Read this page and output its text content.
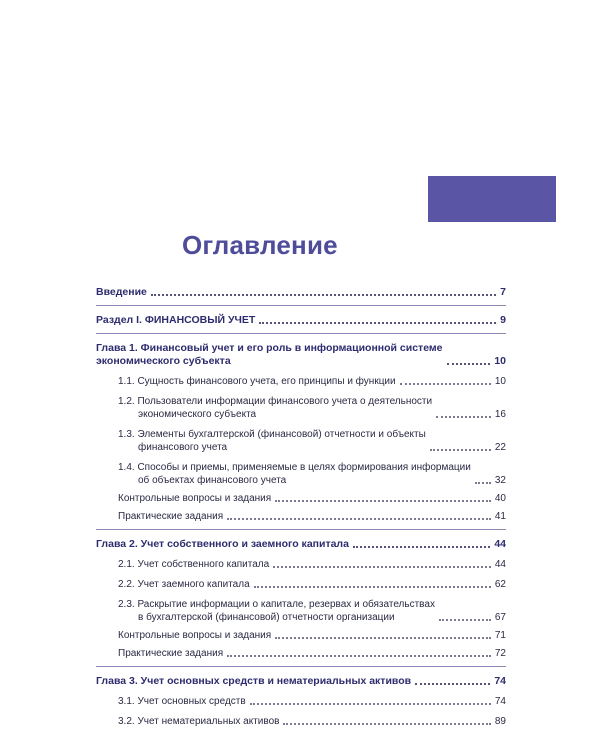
Оглавление
Введение	7
Раздел I. ФИНАНСОВЫЙ УЧЕТ	9
Глава 1. Финансовый учет и его роль в информационной системе
экономического субъекта	10
1.1. Сущность финансового учета, его принципы и функции	10
1.2. Пользователи информации финансового учета о деятельности
экономического субъекта	16
1.3. Элементы бухгалтерской (финансовой) отчетности и объекты
финансового учета	22
1.4. Способы и приемы, применяемые в целях формирования информации
об объектах финансового учета	32
Контрольные вопросы и задания	40
Практические задания	41
Глава 2. Учет собственного и заемного капитала	44
2.1. Учет собственного капитала	44
2.2. Учет заемного капитала	62
2.3. Раскрытие информации о капитале, резервах и обязательствах
в бухгалтерской (финансовой) отчетности организации	67
Контрольные вопросы и задания	71
Практические задания	72
Глава 3. Учет основных средств и нематериальных активов	74
3.1. Учет основных средств	74
3.2. Учет нематериальных активов	89
